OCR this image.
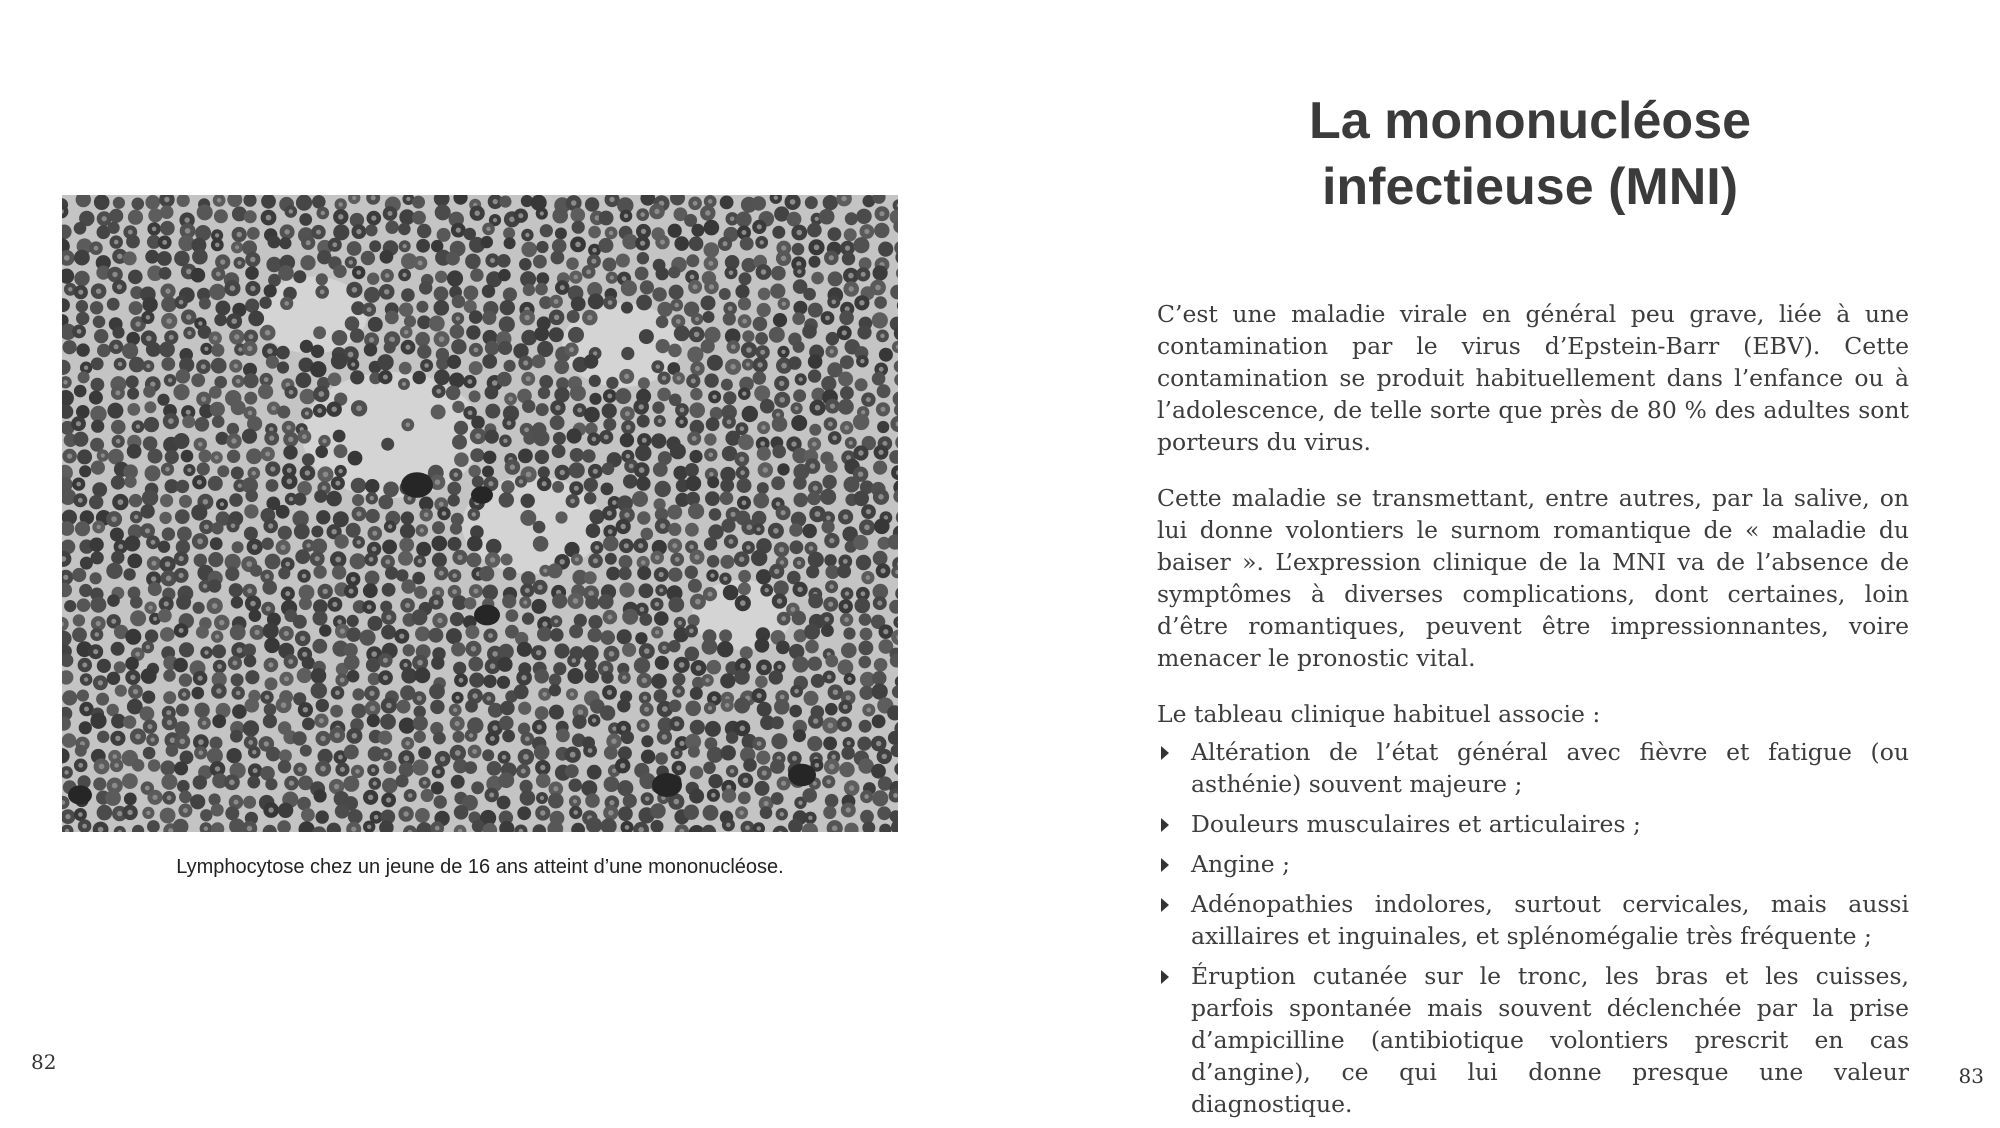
Lymphocytose chez un jeune de 16 ans atteint d’une mononucléose.
82
La mononucléose
infectieuse (MNI)

C’est une maladie virale en général peu grave, liée à une contamination par le virus d’Epstein-Barr (EBV). Cette contamination se produit habituellement dans l’enfance ou à l’adolescence, de telle sorte que près de 80 % des adultes sont porteurs du virus.

Cette maladie se transmettant, entre autres, par la salive, on lui donne volontiers le surnom romantique de « maladie du baiser ». L’expression clinique de la MNI va de l’absence de symptômes à diverses complications, dont certaines, loin d’être romantiques, peuvent être impressionnantes, voire menacer le pronostic vital.

Le tableau clinique habituel associe :

Altération de l’état général avec fièvre et fatigue (ou asthénie) souvent majeure ;
Douleurs musculaires et articulaires ;
Angine ;
Adénopathies indolores, surtout cervicales, mais aussi axillaires et inguinales, et splénomégalie très fréquente ;
Éruption cutanée sur le tronc, les bras et les cuisses, parfois spontanée mais souvent déclenchée par la prise d’ampicilline (antibiotique volontiers prescrit en cas d’angine), ce qui lui donne presque une valeur diagnostique.
83
